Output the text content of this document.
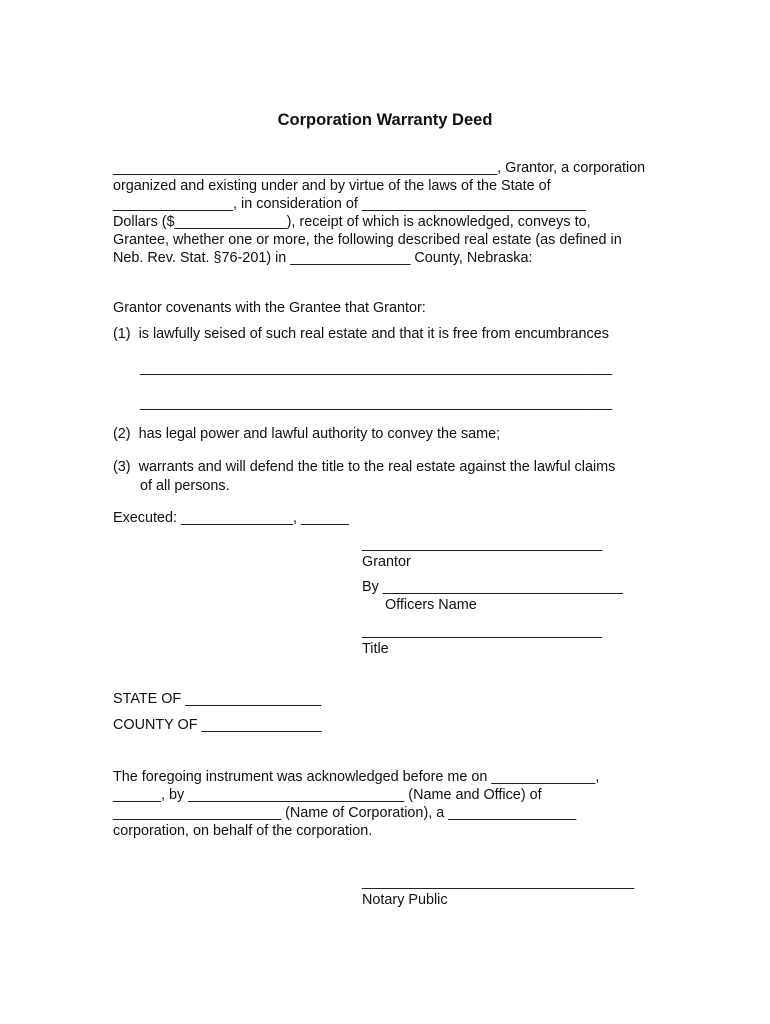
Corporation Warranty Deed
________________________________________________, Grantor, a corporation
organized and existing under and by virtue of the laws of the State of
_______________, in consideration of ____________________________
Dollars ($______________), receipt of which is acknowledged, conveys to,
Grantee, whether one or more, the following described real estate (as defined in
Neb. Rev. Stat. §76-201) in _______________ County, Nebraska:
Grantor covenants with the Grantee that Grantor:
(1)  is lawfully seised of such real estate and that it is free from encumbrances
___________________________________________________________
___________________________________________________________
(2)  has legal power and lawful authority to convey the same;
(3)  warrants and will defend the title to the real estate against the lawful claims
of all persons.
Executed: ______________, ______
______________________________
Grantor
By ______________________________
Officers Name
______________________________
Title
STATE OF _________________
COUNTY OF _______________
The foregoing instrument was acknowledged before me on _____________,
______, by ___________________________ (Name and Office) of
_____________________ (Name of Corporation), a ________________
corporation, on behalf of the corporation.
__________________________________
Notary Public
